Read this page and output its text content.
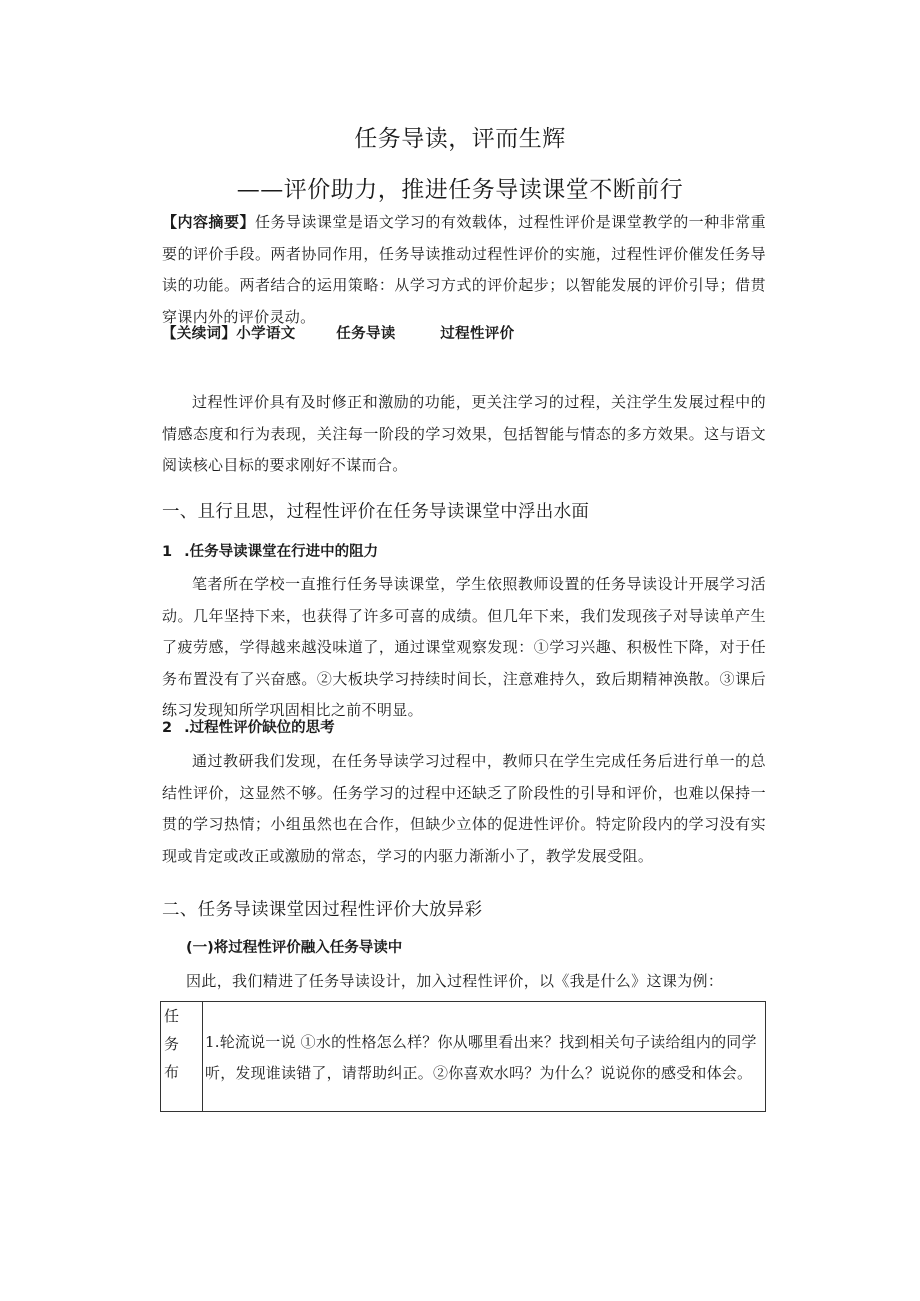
任务导读，评而生辉
——评价助力，推进任务导读课堂不断前行
【内容摘要】任务导读课堂是语文学习的有效载体，过程性评价是课堂教学的一种非常重要的评价手段。两者协同作用，任务导读推动过程性评价的实施，过程性评价催发任务导读的功能。两者结合的运用策略：从学习方式的评价起步；以智能发展的评价引导；借贯穿课内外的评价灵动。
【关续词】小学语文	任务导读	过程性评价
过程性评价具有及时修正和激励的功能，更关注学习的过程，关注学生发展过程中的情感态度和行为表现，关注每一阶段的学习效果，包括智能与情态的多方效果。这与语文阅读核心目标的要求刚好不谋而合。
一、且行且思，过程性评价在任务导读课堂中浮出水面
1 .任务导读课堂在行进中的阻力
笔者所在学校一直推行任务导读课堂，学生依照教师设置的任务导读设计开展学习活动。几年坚持下来，也获得了许多可喜的成绩。但几年下来，我们发现孩子对导读单产生了疲劳感，学得越来越没味道了，通过课堂观察发现：①学习兴趣、积极性下降，对于任务布置没有了兴奋感。②大板块学习持续时间长，注意难持久，致后期精神涣散。③课后练习发现知所学巩固相比之前不明显。
2 .过程性评价缺位的思考
通过教研我们发现，在任务导读学习过程中，教师只在学生完成任务后进行单一的总结性评价，这显然不够。任务学习的过程中还缺乏了阶段性的引导和评价，也难以保持一贯的学习热情；小组虽然也在合作，但缺少立体的促进性评价。特定阶段内的学习没有实现或肯定或改正或激励的常态，学习的内驱力渐渐小了，教学发展受阻。
二、任务导读课堂因过程性评价大放异彩
(一)将过程性评价融入任务导读中
因此，我们精进了任务导读设计，加入过程性评价，以《我是什么》这课为例：
任
务
布
	1.轮流说一说 ①水的性格怎么样？你从哪里看出来？找到相关句子读给组内的同学听，发现谁读错了，请帮助纠正。②你喜欢水吗？为什么？说说你的感受和体会。
